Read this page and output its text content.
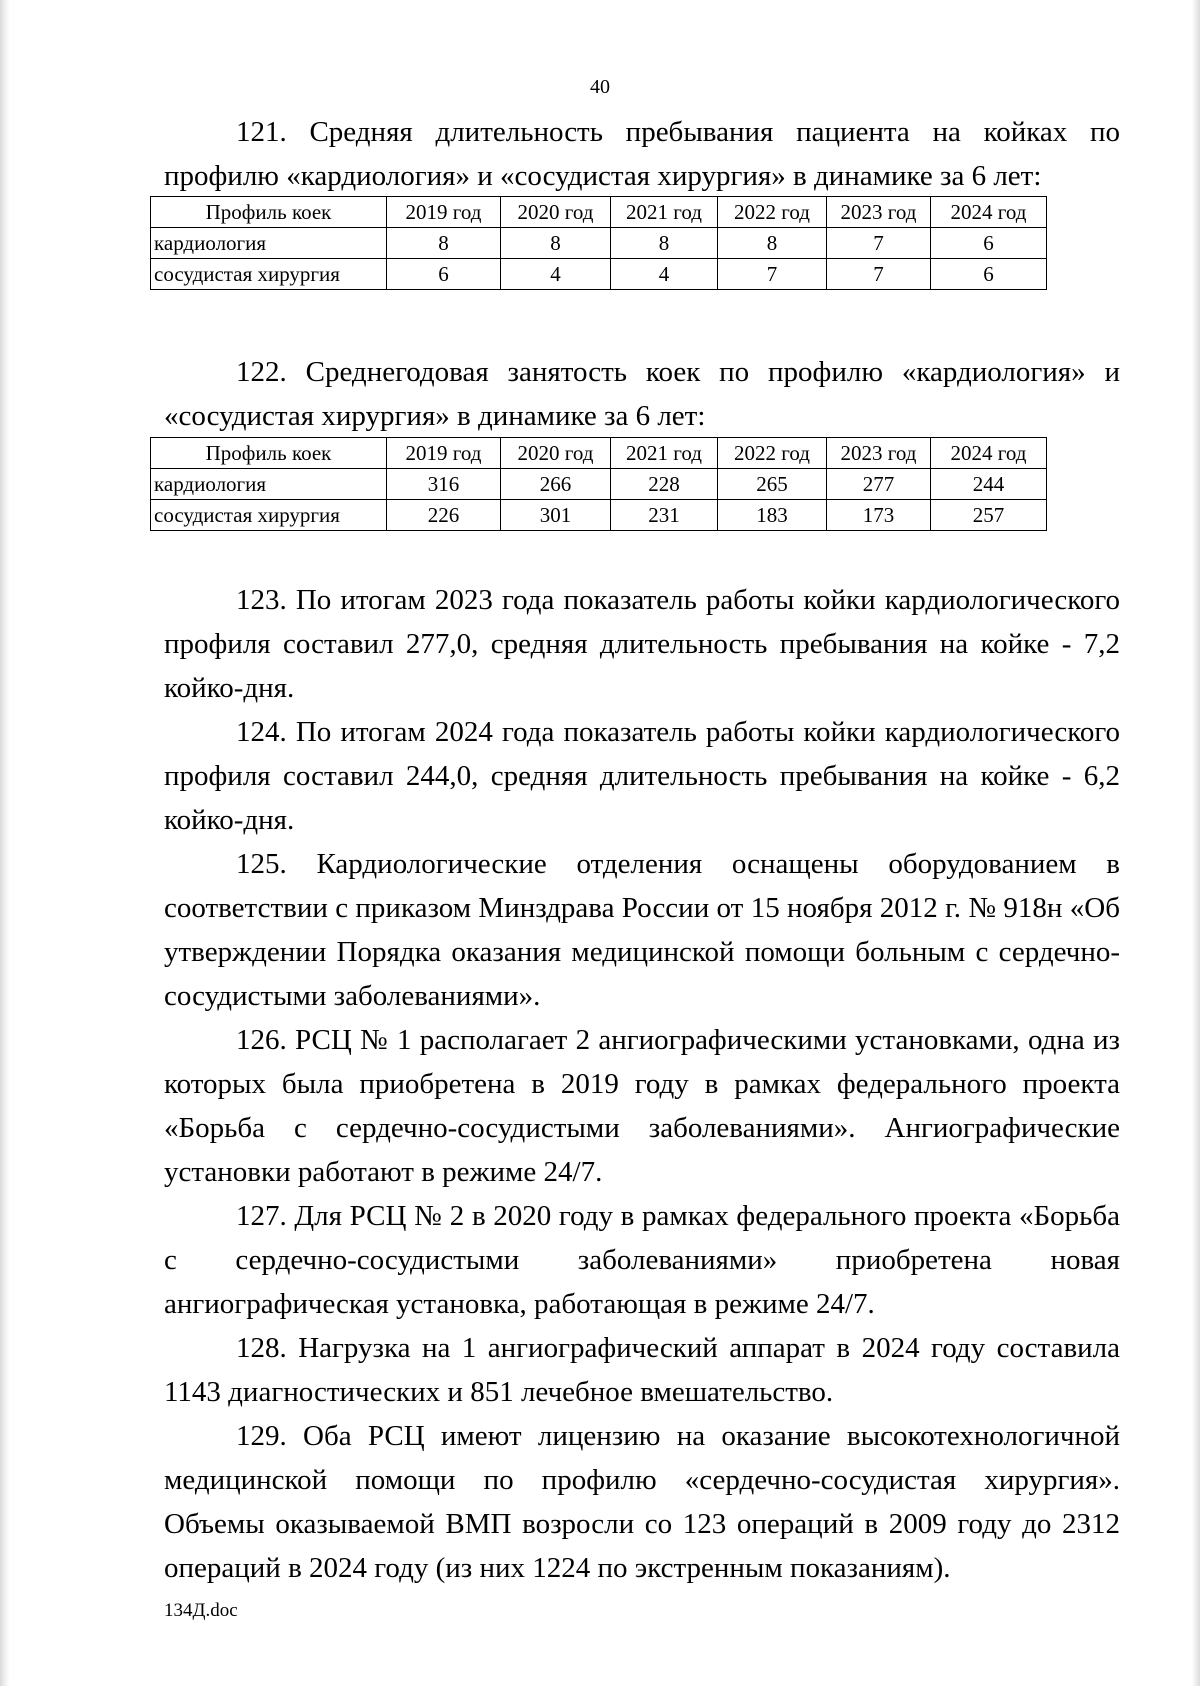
40

121. Средняя длительность пребывания пациента на койках по профилю «кардиология» и «сосудистая хирургия» в динамике за 6 лет:

Профиль коек	2019 год	2020 год	2021 год	2022 год	2023 год	2024 год
кардиология	8	8	8	8	7	6
сосудистая хирургия	6	4	4	7	7	6

122. Среднегодовая занятость коек по профилю «кардиология» и «сосудистая хирургия» в динамике за 6 лет:

Профиль коек	2019 год	2020 год	2021 год	2022 год	2023 год	2024 год
кардиология	316	266	228	265	277	244
сосудистая хирургия	226	301	231	183	173	257

123. По итогам 2023 года показатель работы койки кардиологического профиля составил 277,0, средняя длительность пребывания на койке - 7,2 койко-дня.

124. По итогам 2024 года показатель работы койки кардиологического профиля составил 244,0, средняя длительность пребывания на койке - 6,2 койко-дня.

125. Кардиологические отделения оснащены оборудованием в соответствии с приказом Минздрава России от 15 ноября 2012 г. № 918н «Об утверждении Порядка оказания медицинской помощи больным с сердечно-сосудистыми заболеваниями».

126. РСЦ № 1 располагает 2 ангиографическими установками, одна из которых была приобретена в 2019 году в рамках федерального проекта «Борьба с сердечно-сосудистыми заболеваниями». Ангиографические установки работают в режиме 24/7.

127. Для РСЦ № 2 в 2020 году в рамках федерального проекта «Борьба с сердечно-сосудистыми заболеваниями» приобретена новая ангиографическая установка, работающая в режиме 24/7.

128. Нагрузка на 1 ангиографический аппарат в 2024 году составила 1143 диагностических и 851 лечебное вмешательство.

129. Оба РСЦ имеют лицензию на оказание высокотехнологичной медицинской помощи по профилю «сердечно-сосудистая хирургия». Объемы оказываемой ВМП возросли со 123 операций в 2009 году до 2312 операций в 2024 году (из них 1224 по экстренным показаниям).

134Д.doc
